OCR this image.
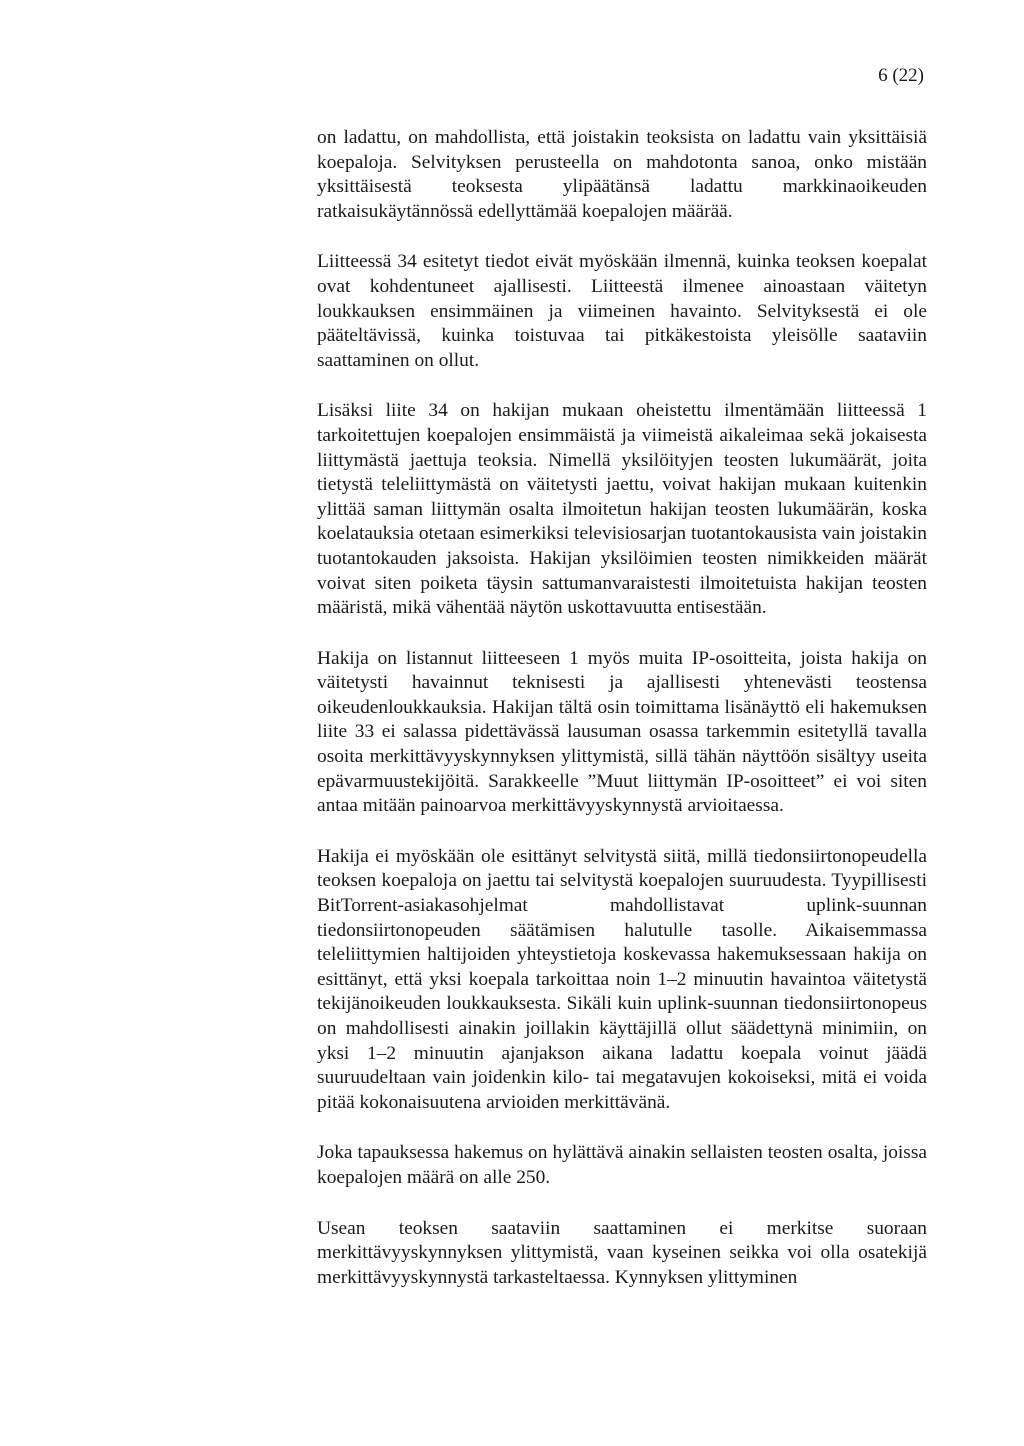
6 (22)

on ladattu, on mahdollista, että joistakin teoksista on ladattu vain yksittäisiä koepaloja. Selvityksen perusteella on mahdotonta sanoa, onko mistään yksittäisestä teoksesta ylipäätänsä ladattu markkinaoikeuden ratkaisukäytännössä edellyttämää koepalojen määrää.

Liitteessä 34 esitetyt tiedot eivät myöskään ilmennä, kuinka teoksen koepalat ovat kohdentuneet ajallisesti. Liitteestä ilmenee ainoastaan väitetyn loukkauksen ensimmäinen ja viimeinen havainto. Selvityksestä ei ole pääteltävissä, kuinka toistuvaa tai pitkäkestoista yleisölle saataviin saattaminen on ollut.

Lisäksi liite 34 on hakijan mukaan oheistettu ilmentämään liitteessä 1 tarkoitettujen koepalojen ensimmäistä ja viimeistä aikaleimaa sekä jokaisesta liittymästä jaettuja teoksia. Nimellä yksilöityjen teosten lukumäärät, joita tietystä teleliittymästä on väitetysti jaettu, voivat hakijan mukaan kuitenkin ylittää saman liittymän osalta ilmoitetun hakijan teosten lukumäärän, koska koelatauksia otetaan esimerkiksi televisiosarjan tuotantokausista vain joistakin tuotantokauden jaksoista. Hakijan yksilöimien teosten nimikkeiden määrät voivat siten poiketa täysin sattumanvaraistesti ilmoitetuista hakijan teosten määristä, mikä vähentää näytön uskottavuutta entisestään.

Hakija on listannut liitteeseen 1 myös muita IP-osoitteita, joista hakija on väitetysti havainnut teknisesti ja ajallisesti yhtenevästi teostensa oikeudenloukkauksia. Hakijan tältä osin toimittama lisänäyttö eli hakemuksen liite 33 ei salassa pidettävässä lausuman osassa tarkemmin esitetyllä tavalla osoita merkittävyyskynnyksen ylittymistä, sillä tähän näyttöön sisältyy useita epävarmuustekijöitä. Sarakkeelle ”Muut liittymän IP-osoitteet” ei voi siten antaa mitään painoarvoa merkittävyyskynnystä arvioitaessa.

Hakija ei myöskään ole esittänyt selvitystä siitä, millä tiedonsiirtonopeudella teoksen koepaloja on jaettu tai selvitystä koepalojen suuruudesta. Tyypillisesti BitTorrent-asiakasohjelmat mahdollistavat uplink-suunnan tiedonsiirtonopeuden säätämisen halutulle tasolle. Aikaisemmassa teleliittymien haltijoiden yhteystietoja koskevassa hakemuksessaan hakija on esittänyt, että yksi koepala tarkoittaa noin 1–2 minuutin havaintoa väitetystä tekijänoikeuden loukkauksesta. Sikäli kuin uplink-suunnan tiedonsiirtonopeus on mahdollisesti ainakin joillakin käyttäjillä ollut säädettynä minimiin, on yksi 1–2 minuutin ajanjakson aikana ladattu koepala voinut jäädä suuruudeltaan vain joidenkin kilo- tai megatavujen kokoiseksi, mitä ei voida pitää kokonaisuutena arvioiden merkittävänä.

Joka tapauksessa hakemus on hylättävä ainakin sellaisten teosten osalta, joissa koepalojen määrä on alle 250.

Usean teoksen saataviin saattaminen ei merkitse suoraan merkittävyyskynnyksen ylittymistä, vaan kyseinen seikka voi olla osatekijä merkittävyyskynnystä tarkasteltaessa. Kynnyksen ylittyminen
